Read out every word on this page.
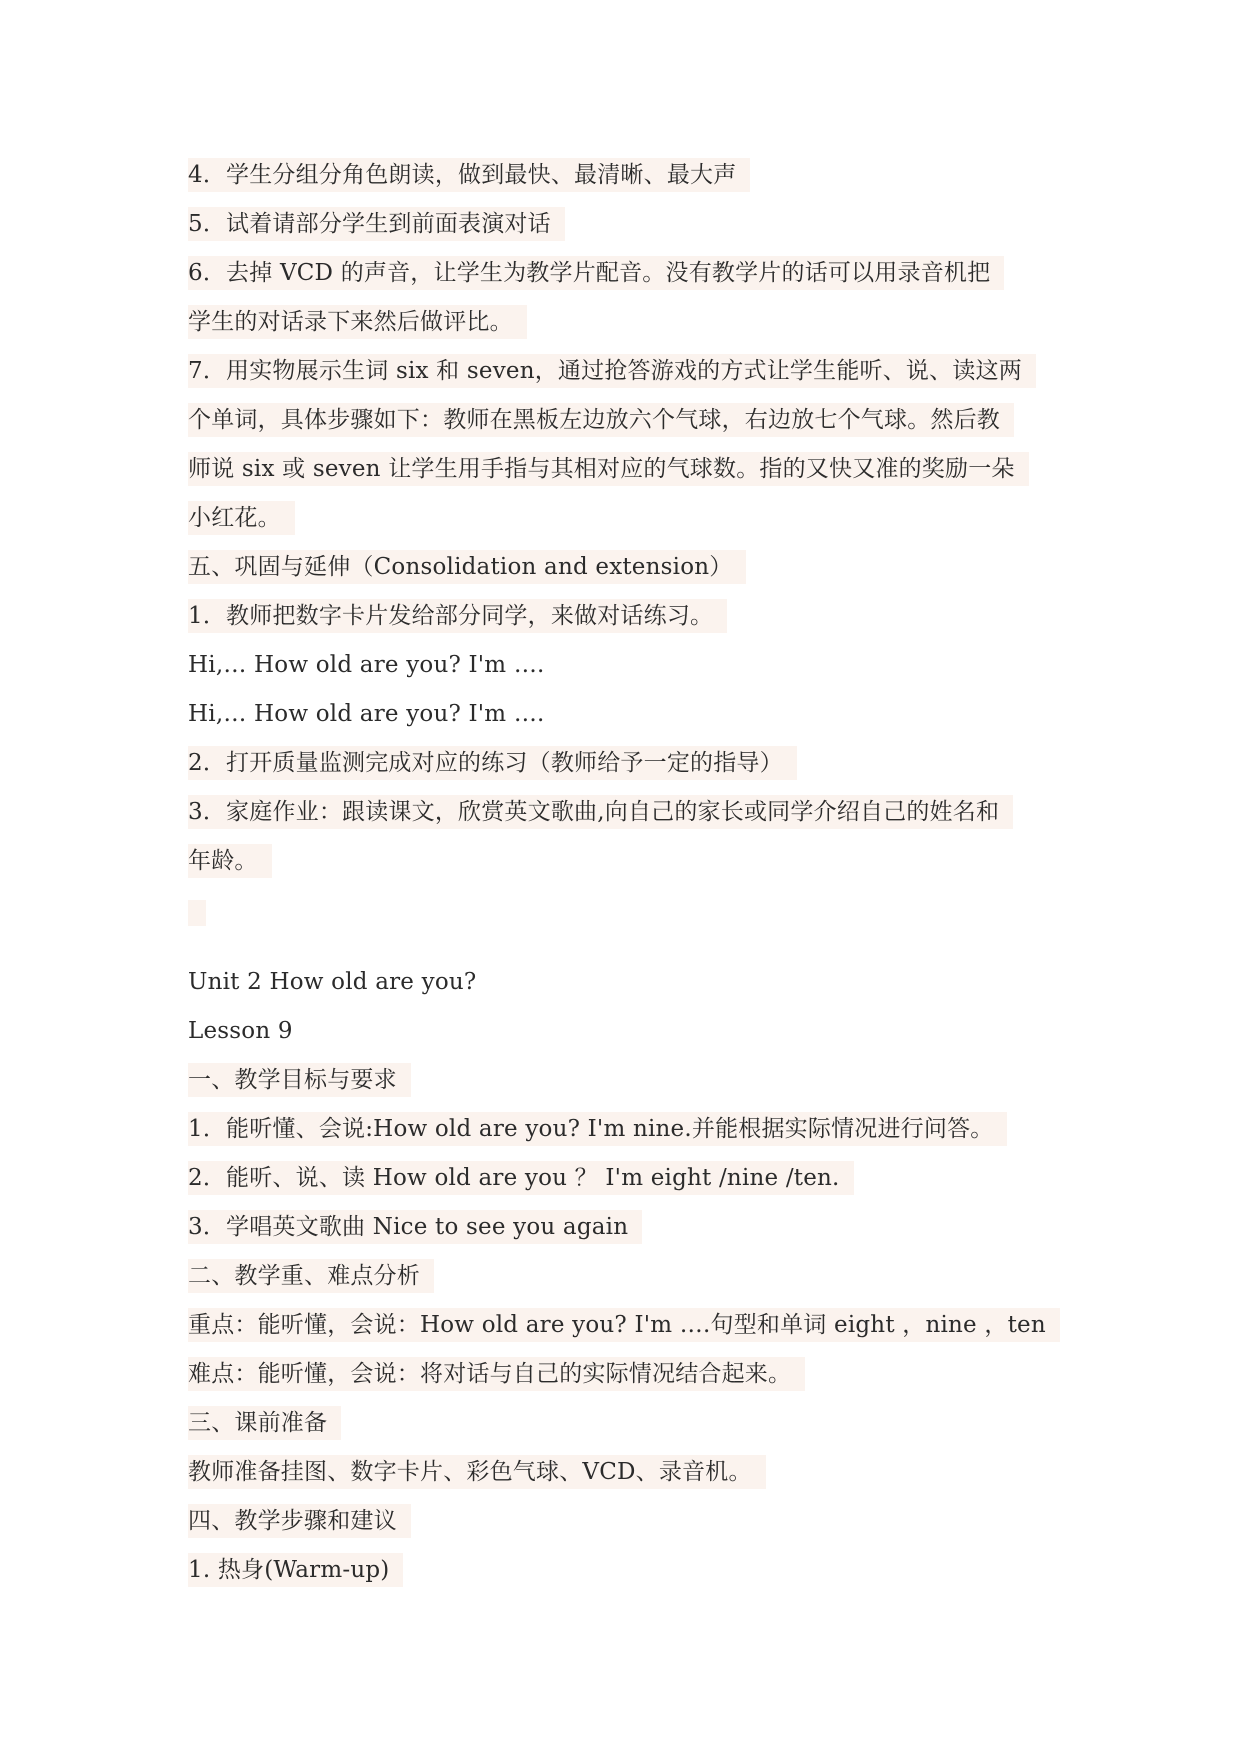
4．学生分组分角色朗读，做到最快、最清晰、最大声
5．试着请部分学生到前面表演对话
6．去掉 VCD 的声音，让学生为教学片配音。没有教学片的话可以用录音机把
学生的对话录下来然后做评比。
7．用实物展示生词 six 和 seven，通过抢答游戏的方式让学生能听、说、读这两
个单词，具体步骤如下：教师在黑板左边放六个气球，右边放七个气球。然后教
师说 six 或 seven 让学生用手指与其相对应的气球数。指的又快又准的奖励一朵
小红花。
五、巩固与延伸（Consolidation and extension）
1．教师把数字卡片发给部分同学，来做对话练习。
Hi,… How old are you? I'm ….
Hi,… How old are you? I'm ….
2．打开质量监测完成对应的练习（教师给予一定的指导）
3．家庭作业：跟读课文，欣赏英文歌曲,向自己的家长或同学介绍自己的姓名和
年龄。
Unit 2 How old are you?
Lesson 9
一、教学目标与要求
1．能听懂、会说:How old are you? I'm nine.并能根据实际情况进行问答。
2．能听、说、读 How old are you ？ I'm eight /nine /ten.
3．学唱英文歌曲 Nice to see you again
二、教学重、难点分析
重点：能听懂，会说：How old are you? I'm ….句型和单词 eight ，nine ，ten
难点：能听懂，会说：将对话与自己的实际情况结合起来。
三、课前准备
教师准备挂图、数字卡片、彩色气球、VCD、录音机。
四、教学步骤和建议
1. 热身(Warm-up)
